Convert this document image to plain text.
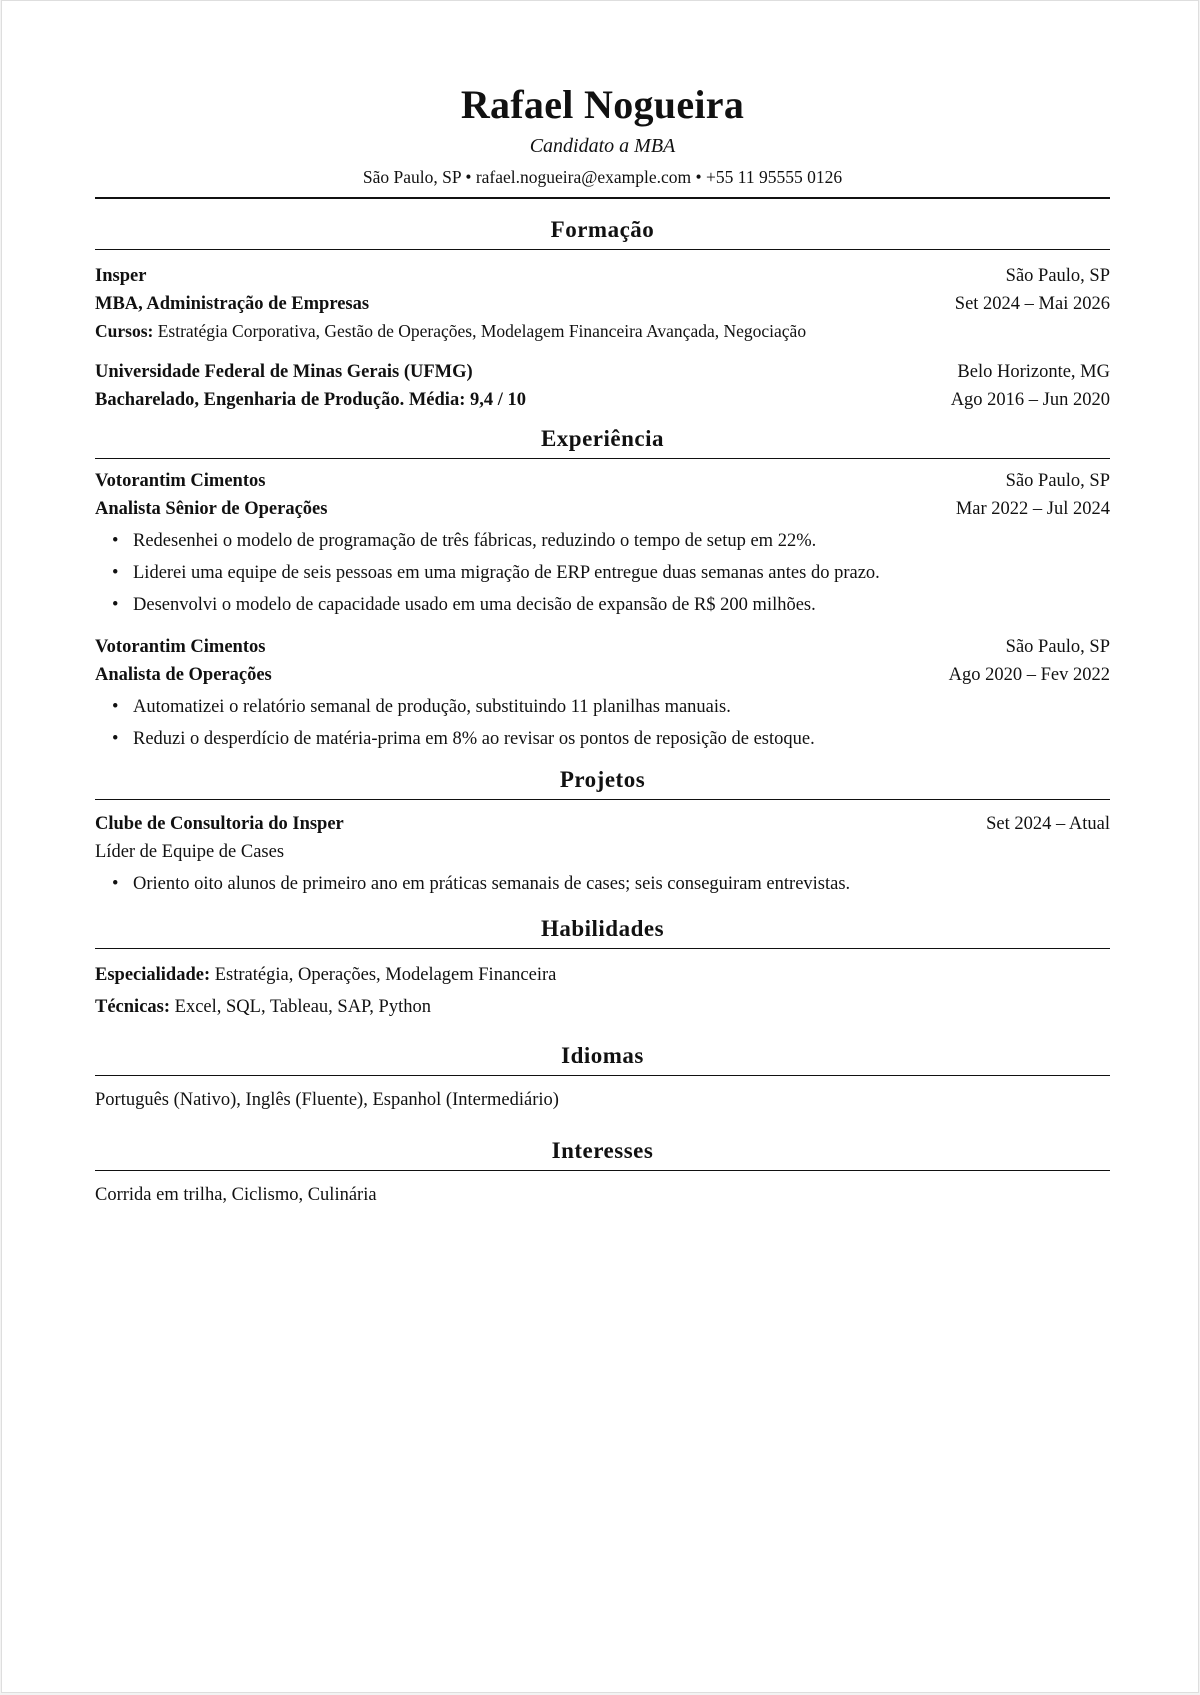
Rafael Nogueira
Candidato a MBA
São Paulo, SP • rafael.nogueira@example.com • +55 11 95555 0126
Formação
Insper	São Paulo, SP
MBA, Administração de Empresas	Set 2024 – Mai 2026
Cursos: Estratégia Corporativa, Gestão de Operações, Modelagem Financeira Avançada, Negociação
Universidade Federal de Minas Gerais (UFMG)	Belo Horizonte, MG
Bacharelado, Engenharia de Produção. Média: 9,4 / 10	Ago 2016 – Jun 2020
Experiência
Votorantim Cimentos	São Paulo, SP
Analista Sênior de Operações	Mar 2022 – Jul 2024
• Redesenhei o modelo de programação de três fábricas, reduzindo o tempo de setup em 22%.
• Liderei uma equipe de seis pessoas em uma migração de ERP entregue duas semanas antes do prazo.
• Desenvolvi o modelo de capacidade usado em uma decisão de expansão de R$ 200 milhões.
Votorantim Cimentos	São Paulo, SP
Analista de Operações	Ago 2020 – Fev 2022
• Automatizei o relatório semanal de produção, substituindo 11 planilhas manuais.
• Reduzi o desperdício de matéria-prima em 8% ao revisar os pontos de reposição de estoque.
Projetos
Clube de Consultoria do Insper	Set 2024 – Atual
Líder de Equipe de Cases
• Oriento oito alunos de primeiro ano em práticas semanais de cases; seis conseguiram entrevistas.
Habilidades
Especialidade: Estratégia, Operações, Modelagem Financeira
Técnicas: Excel, SQL, Tableau, SAP, Python
Idiomas
Português (Nativo), Inglês (Fluente), Espanhol (Intermediário)
Interesses
Corrida em trilha, Ciclismo, Culinária
